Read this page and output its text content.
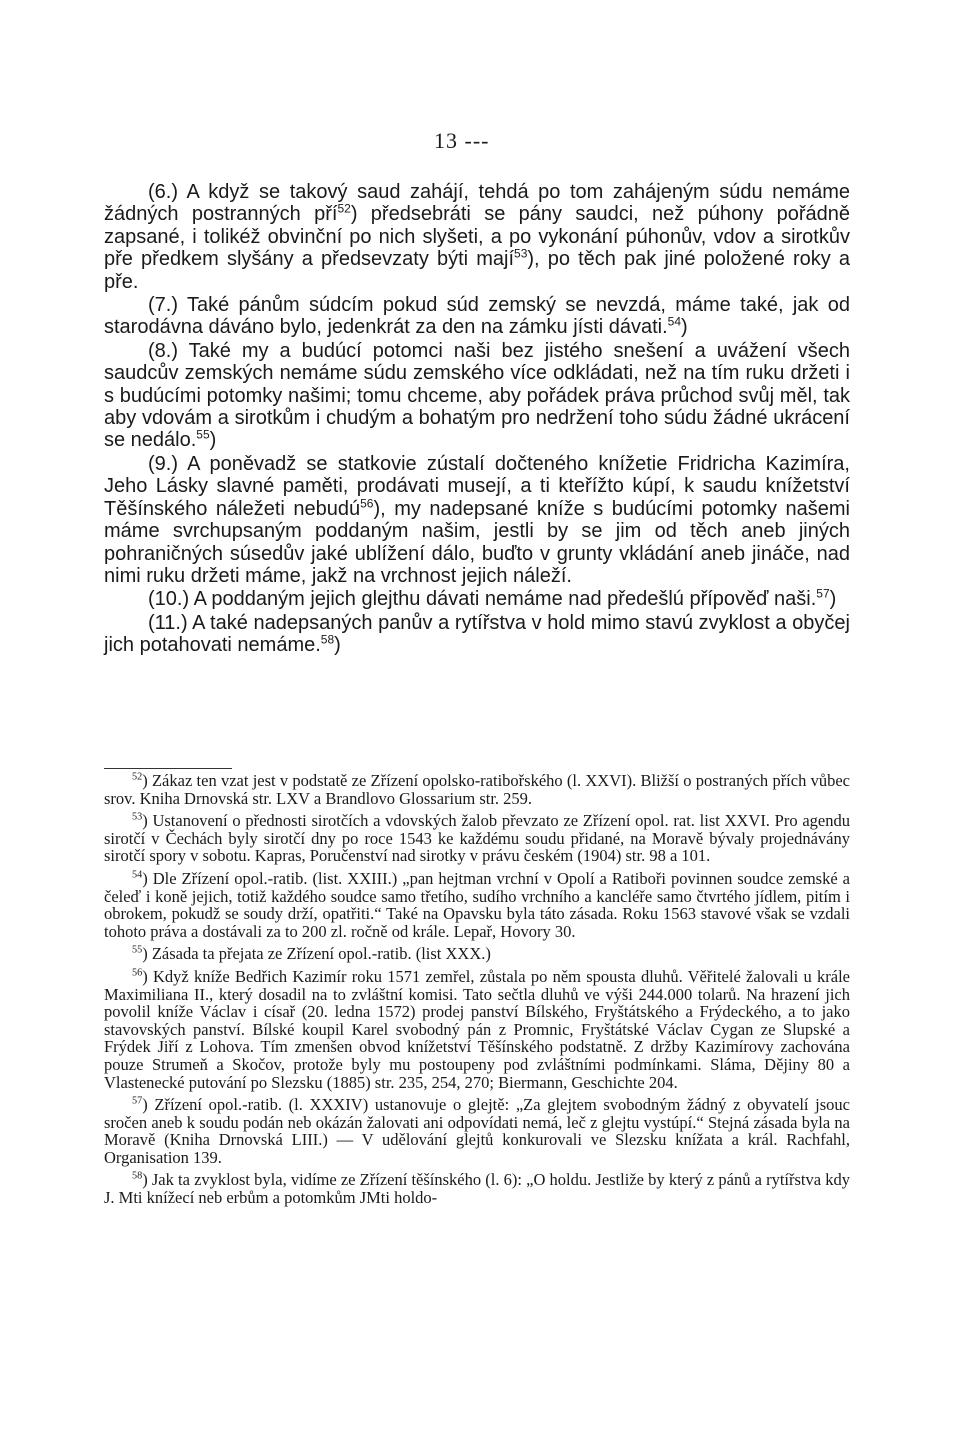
13 ---

(6.) A když se takový saud zahájí, tehdá po tom zahájeným súdu nemáme žádných postranných pří$^{52}$) předsebráti se pány saudci, než púhony pořádně zapsané, i tolikéž obvinční po nich slyšeti, a po vykonání púhonův, vdov a sirotkův pře předkem slyšány a předsevzaty býti mají$^{53}$), po těch pak jiné položené roky a pře.

(7.) Také pánům súdcím pokud súd zemský se nevzdá, máme také, jak od starodávna dáváno bylo, jedenkrát za den na zámku jísti dávati.$^{54}$)

(8.) Také my a budúcí potomci naši bez jistého snešení a uvážení všech saudcův zemských nemáme súdu zemského více odkládati, než na tím ruku držeti i s budúcími potomky našimi; tomu chceme, aby pořádek práva průchod svůj měl, tak aby vdovám a sirotkům i chudým a bohatým pro nedržení toho súdu žádné ukrácení se nedálo.$^{55}$)

(9.) A poněvadž se statkovie zústalí dočteného knížetie Fridricha Kazimíra, Jeho Lásky slavné paměti, prodávati musejí, a ti kteřížto kúpí, k saudu knížetství Těšínského náležeti nebudú$^{56}$), my nadepsané kníže s budúcími potomky našemi máme svrchupsaným poddaným našim, jestli by se jim od těch aneb jiných pohraničných súsedův jaké ublížení dálo, buďto v grunty vkládání aneb jináče, nad nimi ruku držeti máme, jakž na vrchnost jejich náleží.

(10.) A poddaným jejich glejthu dávati nemáme nad předešlú přípověď naši.$^{57}$)

(11.) A také nadepsaných panův a rytířstva v hold mimo stavú zvyklost a obyčej jich potahovati nemáme.$^{58}$)

$^{52}$) Zákaz ten vzat jest v podstatě ze Zřízení opolsko-ratibořského (l. XXVI). Bližší o postraných přích vůbec srov. Kniha Drnovská str. LXV a Brandlovo Glossarium str. 259.

$^{53}$) Ustanovení o přednosti sirotčích a vdovských žalob převzato ze Zřízení opol. rat. list XXVI. Pro agendu sirotčí v Čechách byly sirotčí dny po roce 1543 ke každému soudu přidané, na Moravě bývaly projednávány sirotčí spory v sobotu. Kapras, Poručenství nad sirotky v právu českém (1904) str. 98 a 101.

$^{54}$) Dle Zřízení opol.-ratib. (list. XXIII.) „pan hejtman vrchní v Opolí a Ratiboři povinnen soudce zemské a čeleď i koně jejich, totiž každého soudce samo třetího, sudího vrchního a kancléře samo čtvrtého jídlem, pitím i obrokem, pokudž se soudy drží, opatřiti.“ Také na Opavsku byla táto zásada. Roku 1563 stavové však se vzdali tohoto práva a dostávali za to 200 zl. ročně od krále. Lepař, Hovory 30.

$^{55}$) Zásada ta přejata ze Zřízení opol.-ratib. (list XXX.)

$^{56}$) Když kníže Bedřich Kazimír roku 1571 zemřel, zůstala po něm spousta dluhů. Věřitelé žalovali u krále Maximiliana II., který dosadil na to zvláštní komisi. Tato sečtla dluhů ve výši 244.000 tolarů. Na hrazení jich povolil kníže Václav i císař (20. ledna 1572) prodej panství Bílského, Fryštátského a Frýdeckého, a to jako stavovských panství. Bílské koupil Karel svobodný pán z Promnic, Fryštátské Václav Cygan ze Slupské a Frýdek Jiří z Lohova. Tím zmenšen obvod knížetství Těšínského podstatně. Z držby Kazimírovy zachována pouze Strumeň a Skočov, protože byly mu postoupeny pod zvláštními podmínkami. Sláma, Dějiny 80 a Vlastenecké putování po Slezsku (1885) str. 235, 254, 270; Biermann, Geschichte 204.

$^{57}$) Zřízení opol.-ratib. (l. XXXIV) ustanovuje o glejtě: „Za glejtem svobodným žádný z obyvatelí jsouc sročen aneb k soudu podán neb okázán žalovati ani odpovídati nemá, leč z glejtu vystúpí.“ Stejná zásada byla na Moravě (Kniha Drnovská LIII.) — V udělování glejtů konkurovali ve Slezsku knížata a král. Rachfahl, Organisation 139.

$^{58}$) Jak ta zvyklost byla, vidíme ze Zřízení těšínského (l. 6): „O holdu. Jestliže by který z pánů a rytířstva kdy J. Mti knížecí neb erbům a potomkům JMti holdo-
